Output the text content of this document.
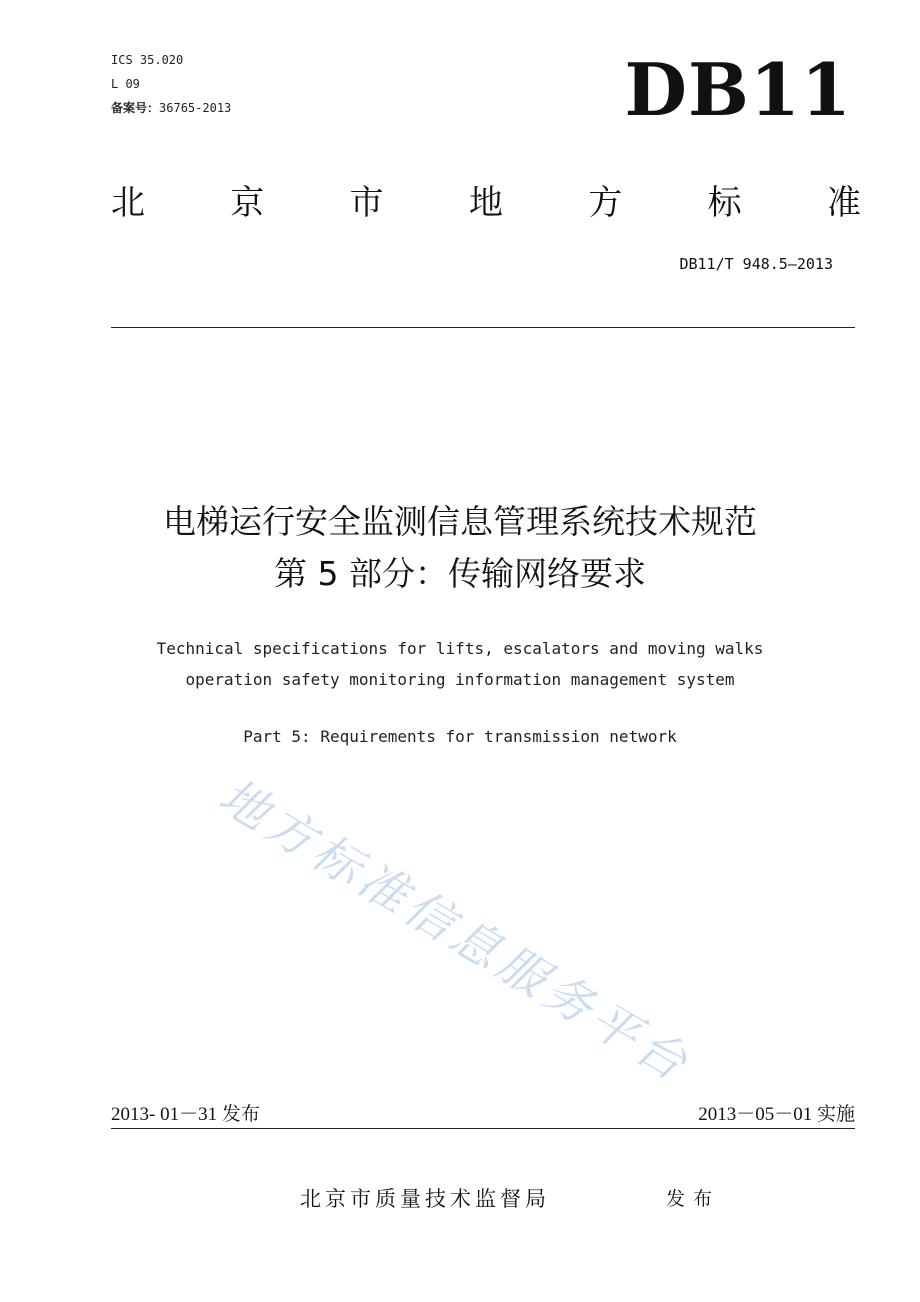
ICS 35.020
L 09
备案号：36765-2013	DB11
北	京	市	地	方	标	准
DB11/T 948.5—2013
电梯运行安全监测信息管理系统技术规范
第 5 部分：传输网络要求
Technical specifications for lifts, escalators and moving walks
operation safety monitoring information management system
Part 5: Requirements for transmission network
地方标准信息服务平台
2013- 01－31 发布	2013－05－01 实施
北京市质量技术监督局	发布
